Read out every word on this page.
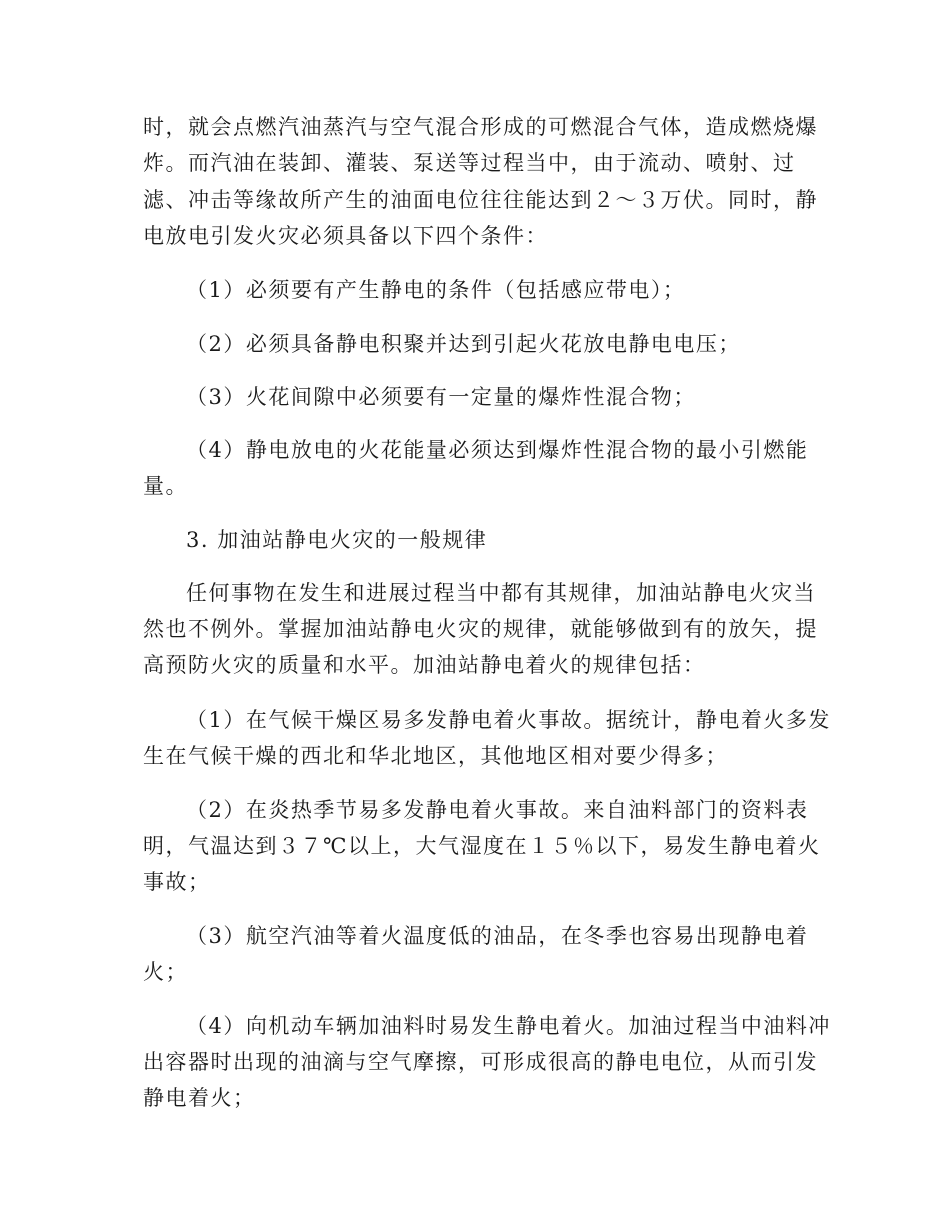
时，就会点燃汽油蒸汽与空气混合形成的可燃混合气体，造成燃烧爆
炸。而汽油在装卸、灌装、泵送等过程当中，由于流动、喷射、过
滤、冲击等缘故所产生的油面电位往往能达到２～３万伏。同时，静
电放电引发火灾必须具备以下四个条件：
（1）必须要有产生静电的条件（包括感应带电）；
（2）必须具备静电积聚并达到引起火花放电静电电压；
（3）火花间隙中必须要有一定量的爆炸性混合物；
（4）静电放电的火花能量必须达到爆炸性混合物的最小引燃能
量。
3. 加油站静电火灾的一般规律
任何事物在发生和进展过程当中都有其规律，加油站静电火灾当
然也不例外。掌握加油站静电火灾的规律，就能够做到有的放矢，提
高预防火灾的质量和水平。加油站静电着火的规律包括：
（1）在气候干燥区易多发静电着火事故。据统计，静电着火多发
生在气候干燥的西北和华北地区，其他地区相对要少得多；
（2）在炎热季节易多发静电着火事故。来自油料部门的资料表
明，气温达到３７℃以上，大气湿度在１５％以下，易发生静电着火
事故；
（3）航空汽油等着火温度低的油品，在冬季也容易出现静电着
火；
（4）向机动车辆加油料时易发生静电着火。加油过程当中油料冲
出容器时出现的油滴与空气摩擦，可形成很高的静电电位，从而引发
静电着火；
